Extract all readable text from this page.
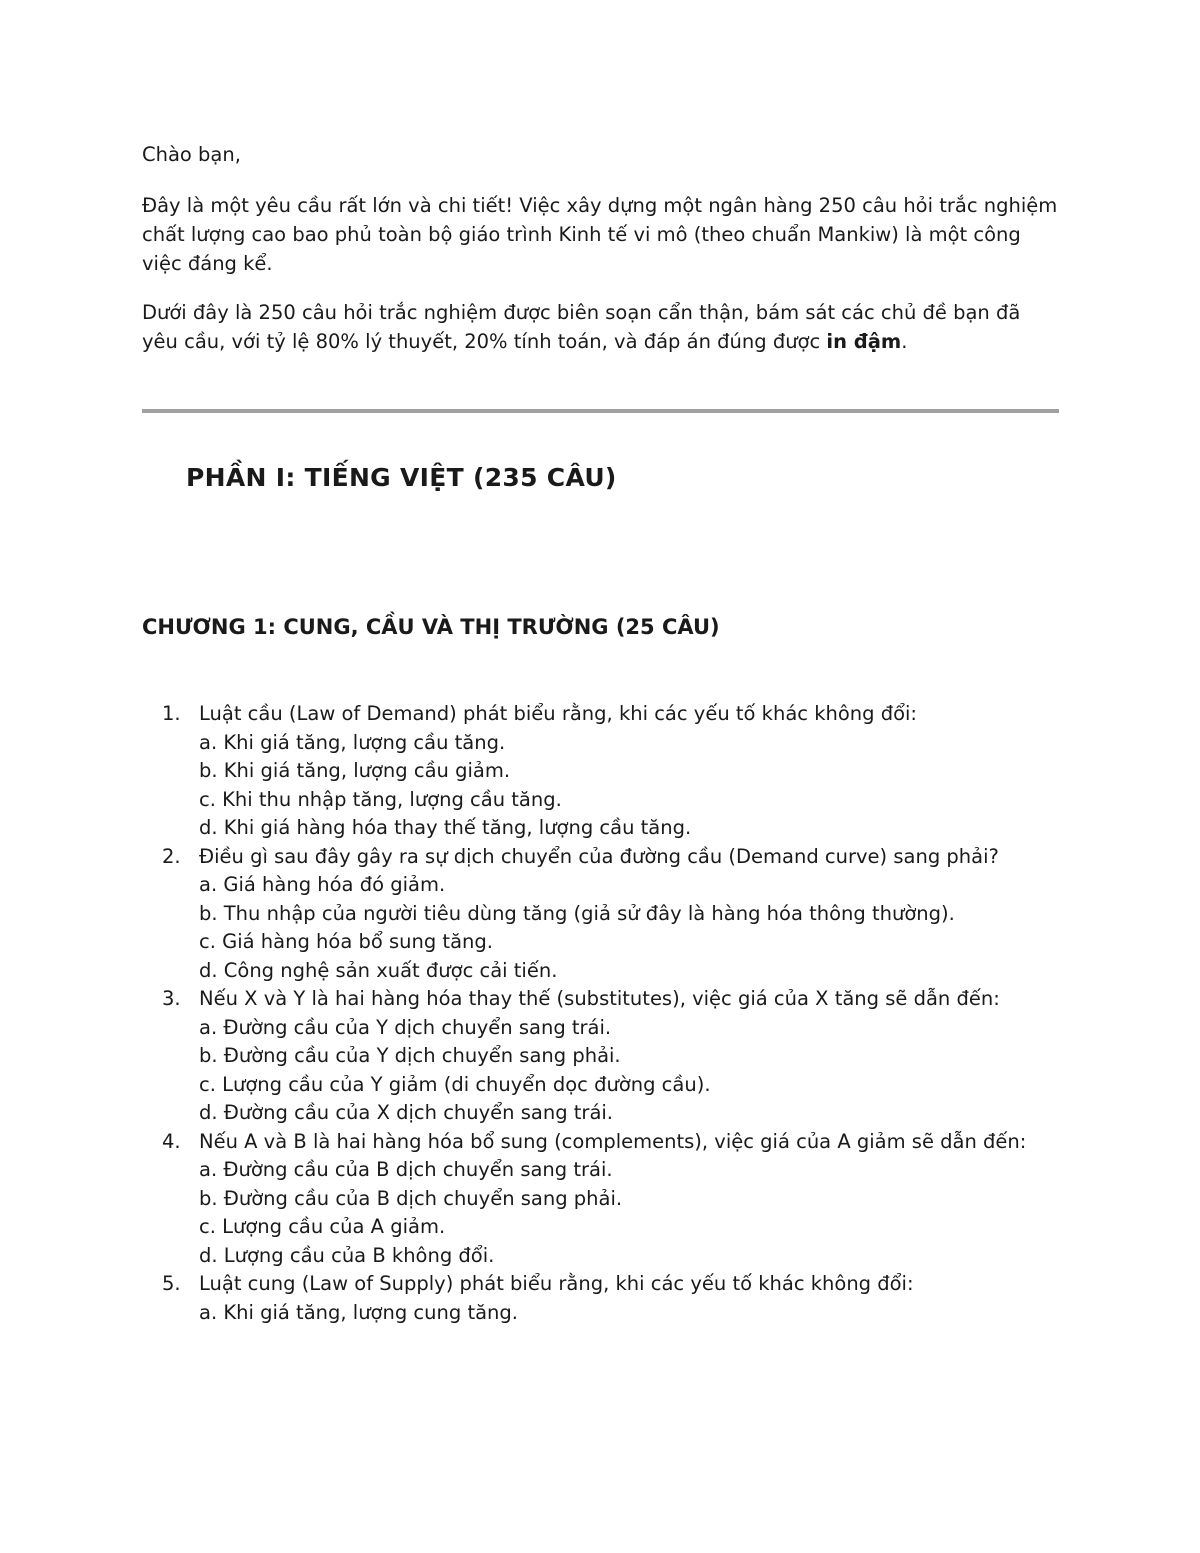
Chào bạn,

Đây là một yêu cầu rất lớn và chi tiết! Việc xây dựng một ngân hàng 250 câu hỏi trắc nghiệm chất lượng cao bao phủ toàn bộ giáo trình Kinh tế vi mô (theo chuẩn Mankiw) là một công việc đáng kể.

Dưới đây là 250 câu hỏi trắc nghiệm được biên soạn cẩn thận, bám sát các chủ đề bạn đã yêu cầu, với tỷ lệ 80% lý thuyết, 20% tính toán, và đáp án đúng được in đậm.

PHẦN I: TIẾNG VIỆT (235 CÂU)
CHƯƠNG 1: CUNG, CẦU VÀ THỊ TRƯỜNG (25 CÂU)
1. Luật cầu (Law of Demand) phát biểu rằng, khi các yếu tố khác không đổi:
a. Khi giá tăng, lượng cầu tăng.
b. Khi giá tăng, lượng cầu giảm.
c. Khi thu nhập tăng, lượng cầu tăng.
d. Khi giá hàng hóa thay thế tăng, lượng cầu tăng.
2. Điều gì sau đây gây ra sự dịch chuyển của đường cầu (Demand curve) sang phải?
a. Giá hàng hóa đó giảm.
b. Thu nhập của người tiêu dùng tăng (giả sử đây là hàng hóa thông thường).
c. Giá hàng hóa bổ sung tăng.
d. Công nghệ sản xuất được cải tiến.
3. Nếu X và Y là hai hàng hóa thay thế (substitutes), việc giá của X tăng sẽ dẫn đến:
a. Đường cầu của Y dịch chuyển sang trái.
b. Đường cầu của Y dịch chuyển sang phải.
c. Lượng cầu của Y giảm (di chuyển dọc đường cầu).
d. Đường cầu của X dịch chuyển sang trái.
4. Nếu A và B là hai hàng hóa bổ sung (complements), việc giá của A giảm sẽ dẫn đến:
a. Đường cầu của B dịch chuyển sang trái.
b. Đường cầu của B dịch chuyển sang phải.
c. Lượng cầu của A giảm.
d. Lượng cầu của B không đổi.
5. Luật cung (Law of Supply) phát biểu rằng, khi các yếu tố khác không đổi:
a. Khi giá tăng, lượng cung tăng.
